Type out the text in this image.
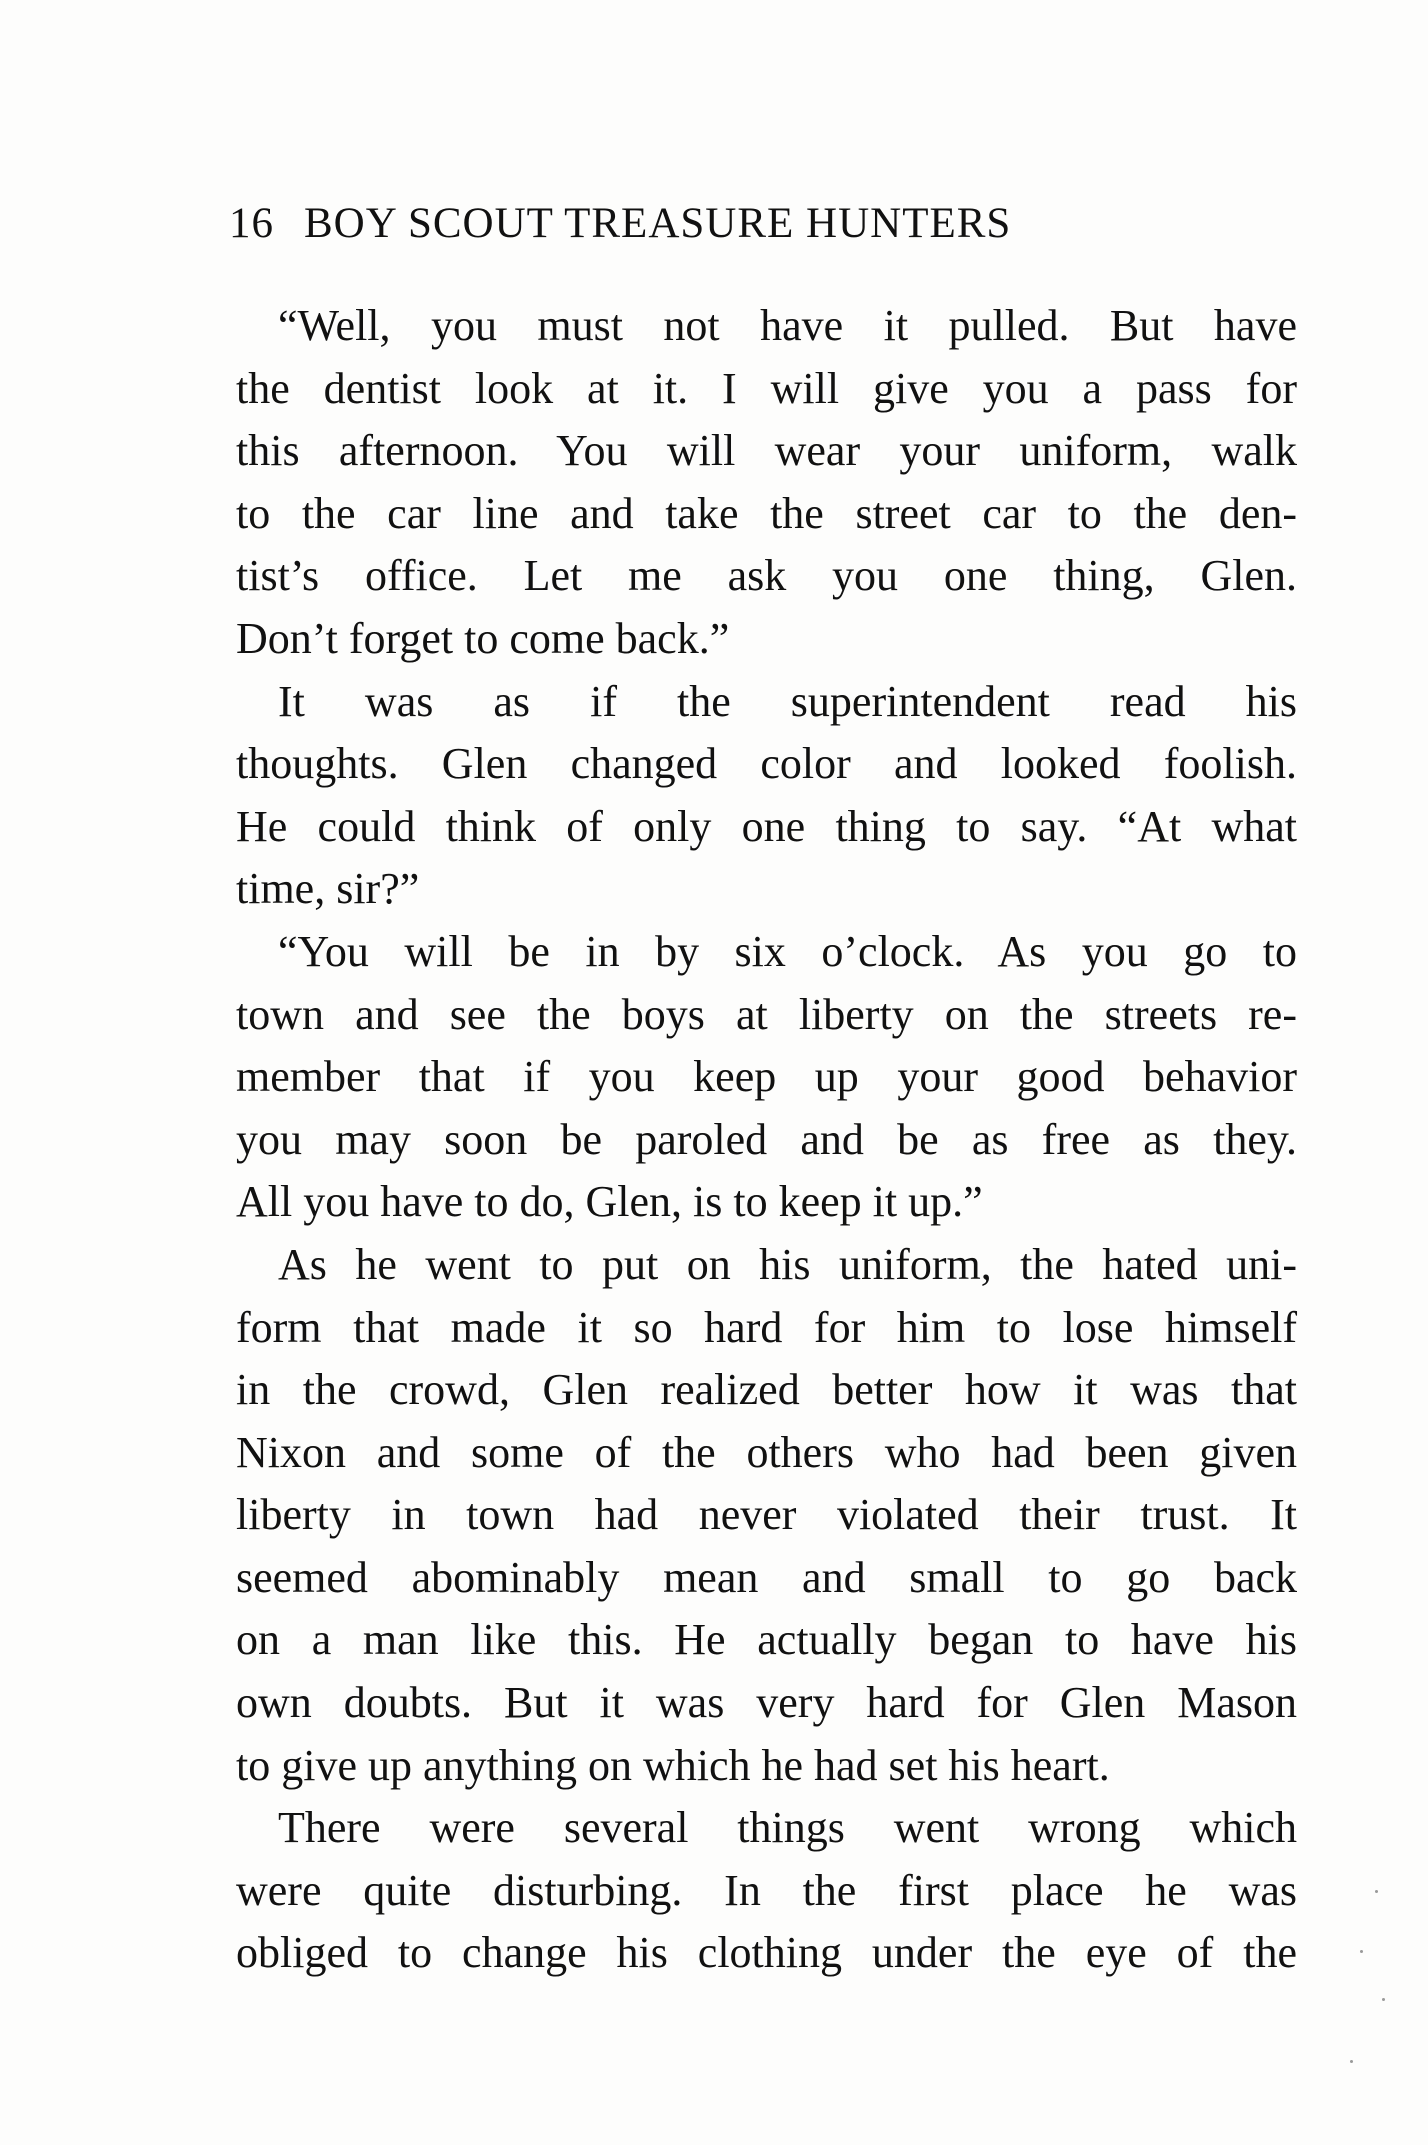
16 BOY SCOUT TREASURE HUNTERS
“Well, you must not have it pulled. But have
the dentist look at it. I will give you a pass for
this afternoon. You will wear your uniform, walk
to the car line and take the street car to the den-
tist’s office. Let me ask you one thing, Glen.
Don’t forget to come back.”
It was as if the superintendent read his
thoughts. Glen changed color and looked foolish.
He could think of only one thing to say. “At what
time, sir?”
“You will be in by six o’clock. As you go to
town and see the boys at liberty on the streets re-
member that if you keep up your good behavior
you may soon be paroled and be as free as they.
All you have to do, Glen, is to keep it up.”
As he went to put on his uniform, the hated uni-
form that made it so hard for him to lose himself
in the crowd, Glen realized better how it was that
Nixon and some of the others who had been given
liberty in town had never violated their trust. It
seemed abominably mean and small to go back
on a man like this. He actually began to have his
own doubts. But it was very hard for Glen Mason
to give up anything on which he had set his heart.
There were several things went wrong which
were quite disturbing. In the first place he was
obliged to change his clothing under the eye of the
